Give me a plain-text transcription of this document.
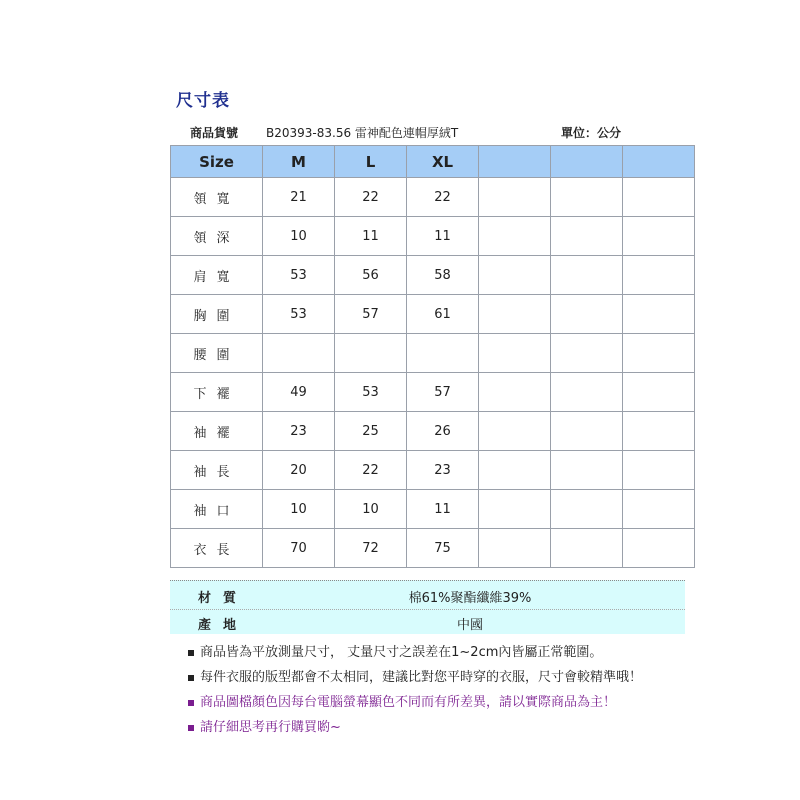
尺寸表
商品貨號 B20393-83.56 雷神配色連帽厚絨T	單位：公分
Size	M	L	XL			
領寬	21	22	22			
領深	10	11	11			
肩寬	53	56	58			
胸圍	53	57	61			
腰圍						
下襬	49	53	57			
袖襬	23	25	26			
袖長	20	22	23			
袖口	10	10	11			
衣長	70	72	75			
材質	棉61%聚酯纖維39%
產地	中國
商品皆為平放測量尺寸， 丈量尺寸之誤差在1~2cm內皆屬正常範圍。
每件衣服的版型都會不太相同，建議比對您平時穿的衣服，尺寸會較精準哦！
商品圖檔顏色因每台電腦螢幕顯色不同而有所差異，請以實際商品為主！
請仔細思考再行購買喲~
